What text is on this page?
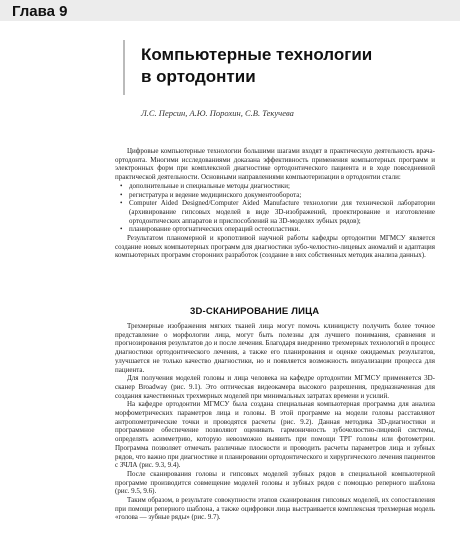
Глава 9
Компьютерные технологии
в ортодонтии
Л.С. Персин, А.Ю. Порохин, С.В. Текучева

Цифровые компьютерные технологии большими шагами входят в практическую деятельность врача-ортодонта. Многими исследованиями доказана эффективность применения компьютерных программ и электронных форм при комплексной диагностике ортодонтического пациента и в ходе повседневной практической деятельности. Основными направлениями компьютеризации в ортодонтии стали:

• дополнительные и специальные методы диагностики;
• регистратура и ведение медицинского документооборота;
• Computer Aided Designed/Computer Aided Manufacture технологии для технической лаборатории (архивирование гипсовых моделей в виде 3D-изображений, проектирование и изготовление ортодонтических аппаратов и приспособлений на 3D-моделях зубных рядов);
• планирование ортогнатических операций остеопластики.

Результатом планомерной и кропотливой научной работы кафедры ортодонтии МГМСУ является создание новых компьютерных программ для диагностики зубо-челюстно-лицевых аномалий и адаптация компьютерных программ сторонних разработок (создание в них собственных методик анализа данных).

3D-СКАНИРОВАНИЕ ЛИЦА

Трехмерные изображения мягких тканей лица могут помочь клиницисту получить более точное представление о морфологии лица, могут быть полезны для лучшего понимания, сравнения и прогнозирования результатов до и после лечения. Благодаря внедрению трехмерных технологий в процесс диагностики ортодонтического лечения, а также его планирования и оценке ожидаемых результатов, улучшается не только качество диагностики, но и появляется возможность визуализации процесса для пациента.

Для получения моделей головы и лица человека на кафедре ортодонтии МГМСУ применяется 3D-сканер Broadway (рис. 9.1). Это оптическая видеокамера высокого разрешения, предназначенная для создания качественных трехмерных моделей при минимальных затратах времени и усилий.

На кафедре ортодонтии МГМСУ была создана специальная компьютерная программа для анализа морфометрических параметров лица и головы. В этой программе на модели головы расставляют антропометрические точки и проводятся расчеты (рис. 9.2). Данная методика 3D-диагностики и программное обеспечение позволяют оценивать гармоничность зубочелюстно-лицевой системы, определять асимметрию, которую невозможно выявить при помощи ТРГ головы или фотометрии. Программа позволяет отмечать различные плоскости и проводить расчеты параметров лица и зубных рядов, что важно при диагностике и планировании ортодонтического и хирургического лечения пациентов с ЗЧЛА (рис. 9.3, 9.4).

После сканирования головы и гипсовых моделей зубных рядов в специальной компьютерной программе производится совмещение моделей головы и зубных рядов с помощью реперного шаблона (рис. 9.5, 9.6).

Таким образом, в результате совокупности этапов сканирования гипсовых моделей, их сопоставления при помощи реперного шаблона, а также оцифровки лица выстраивается комплексная трехмерная модель «голова — зубные ряды» (рис. 9.7).
